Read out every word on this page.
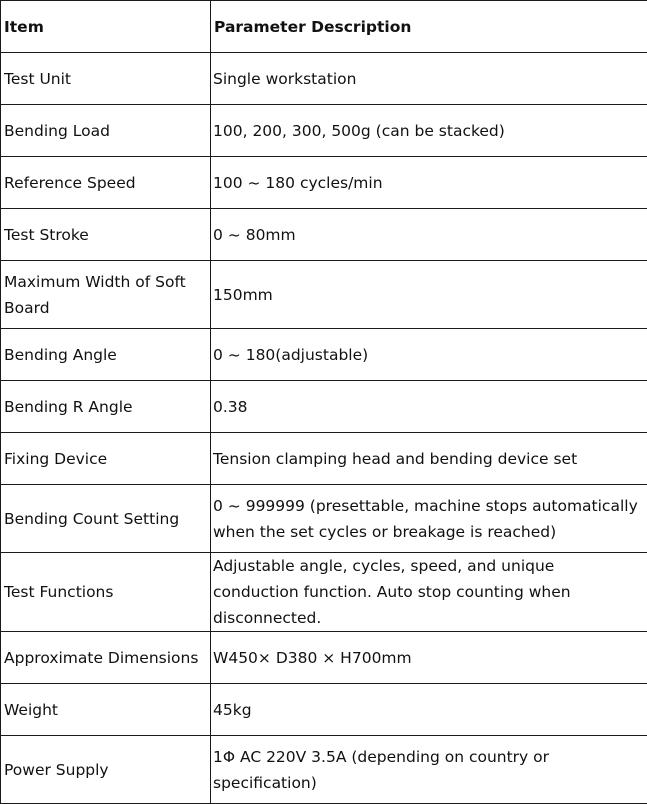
Item	Parameter Description
Test Unit	Single workstation
Bending Load	100, 200, 300, 500g (can be stacked)
Reference Speed	100 ~ 180 cycles/min
Test Stroke	0 ~ 80mm
Maximum Width of Soft Board	150mm
Bending Angle	0 ~ 180(adjustable)
Bending R Angle	0.38
Fixing Device	Tension clamping head and bending device set
Bending Count Setting	0 ~ 999999 (presettable, machine stops automatically when the set cycles or breakage is reached)
Test Functions	Adjustable angle, cycles, speed, and unique conduction function. Auto stop counting when disconnected.
Approximate Dimensions	W450× D380 × H700mm
Weight	45kg
Power Supply	1Φ AC 220V 3.5A (depending on country or specification)
